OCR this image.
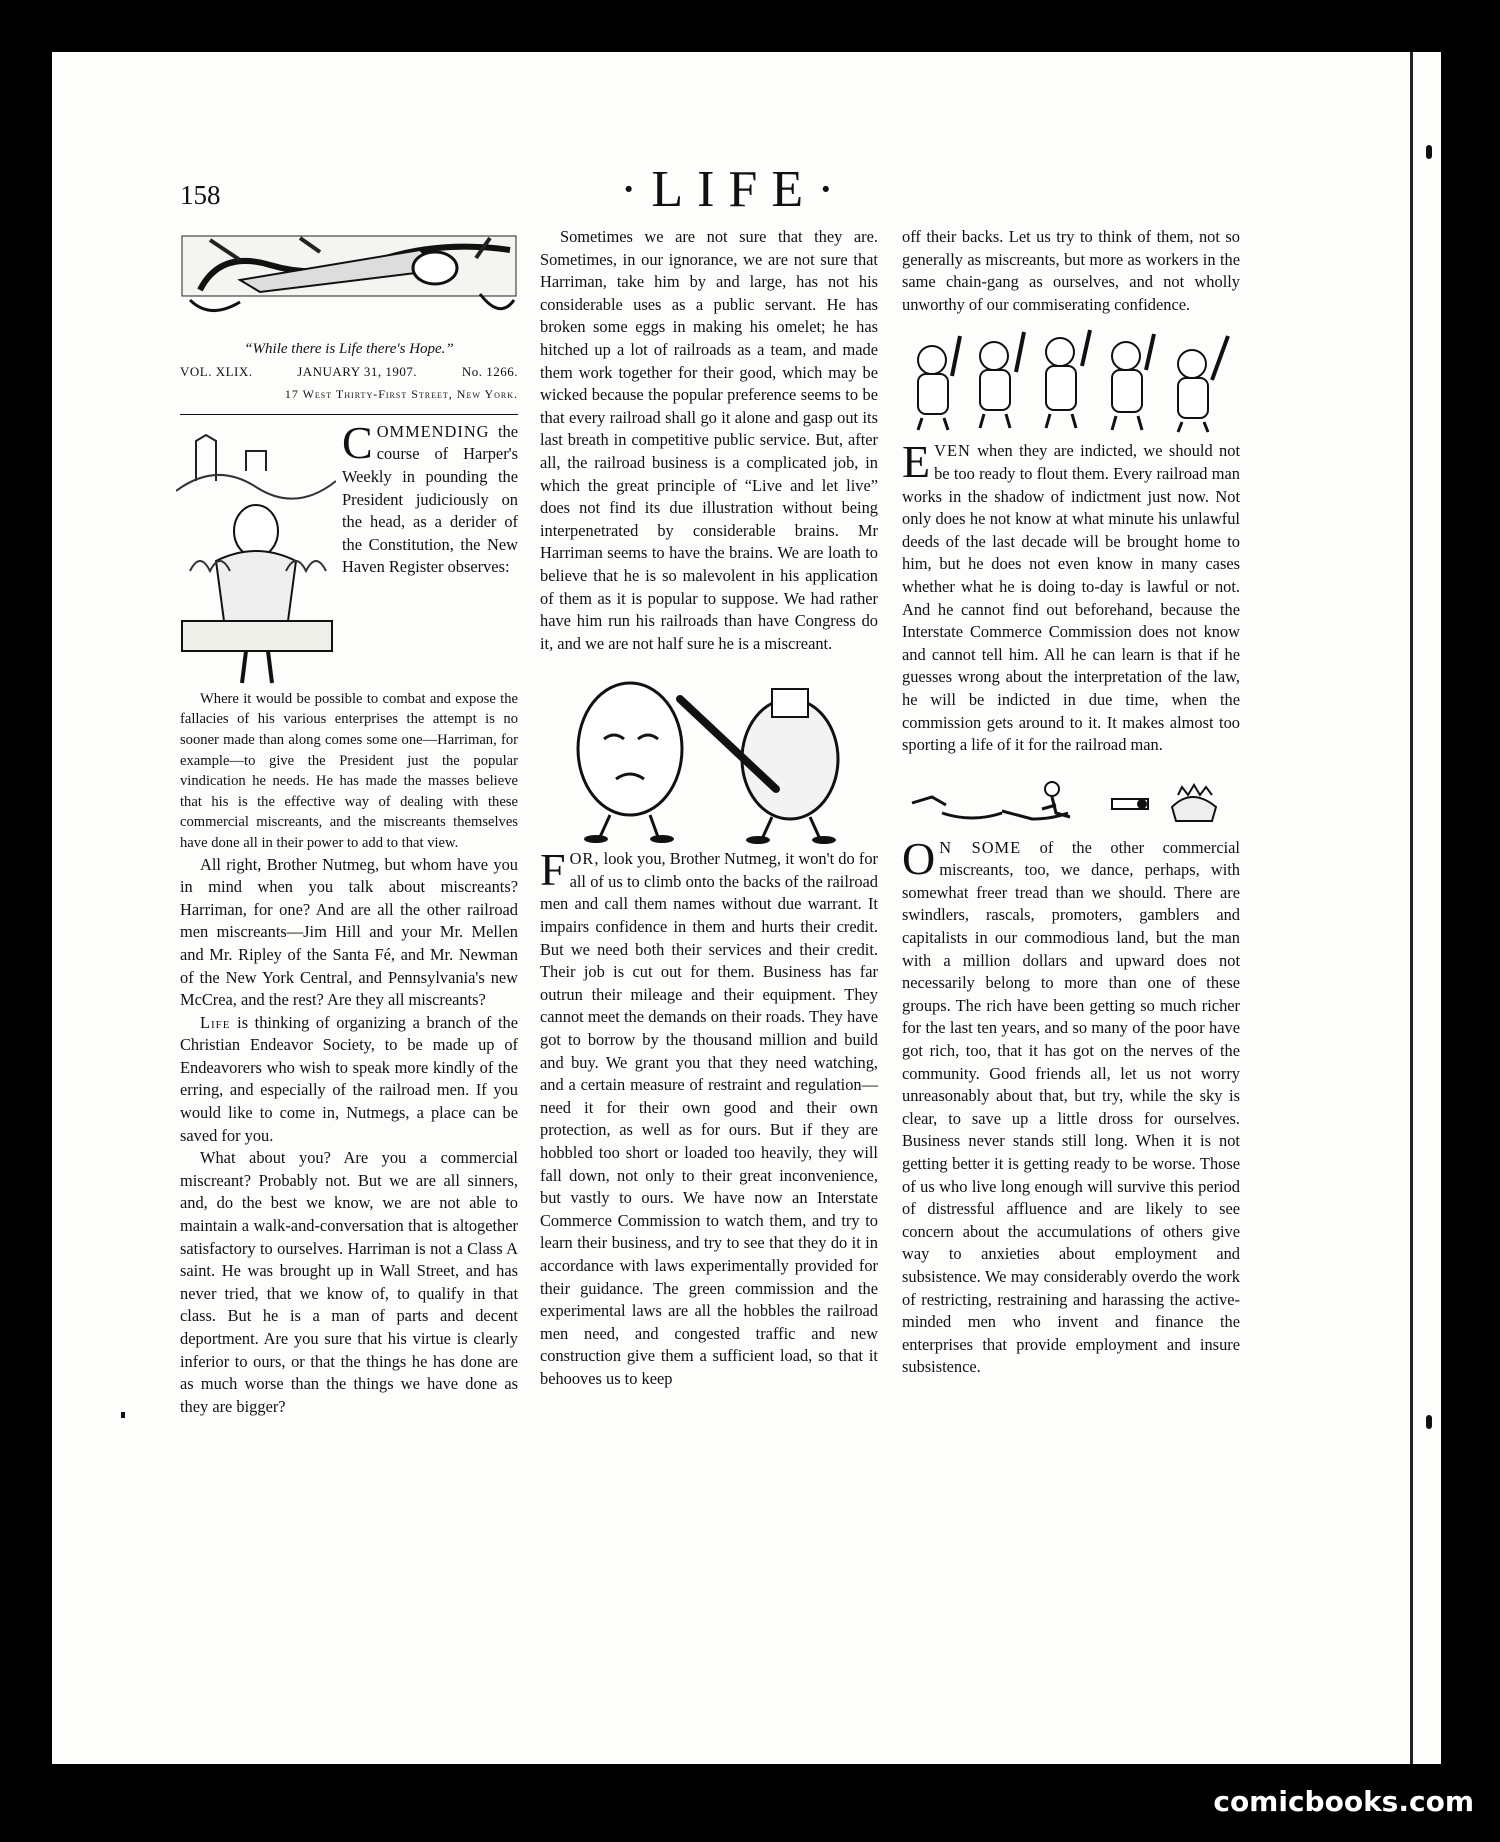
158	·LIFE·
“While there is Life there's Hope.”
VOL. XLIX.	JANUARY 31, 1907.	No. 1266.
17 West Thirty-First Street, New York.

COMMENDING the course of Harper's Weekly in pounding the President judiciously on the head, as a derider of the Constitution, the New Haven Register observes:

Where it would be possible to combat and expose the fallacies of his various enterprises the attempt is no sooner made than along comes some one—Harriman, for example—to give the President just the popular vindication he needs. He has made the masses believe that his is the effective way of dealing with these commercial miscreants, and the miscreants themselves have done all in their power to add to that view.

All right, Brother Nutmeg, but whom have you in mind when you talk about miscreants? Harriman, for one? And are all the other railroad men miscreants—Jim Hill and your Mr. Mellen and Mr. Ripley of the Santa Fé, and Mr. Newman of the New York Central, and Pennsylvania's new McCrea, and the rest? Are they all miscreants?

Life is thinking of organizing a branch of the Christian Endeavor Society, to be made up of Endeavorers who wish to speak more kindly of the erring, and especially of the railroad men. If you would like to come in, Nutmegs, a place can be saved for you.

What about you? Are you a commercial miscreant? Probably not. But we are all sinners, and, do the best we know, we are not able to maintain a walk-and-conversation that is altogether satisfactory to ourselves. Harriman is not a Class A saint. He was brought up in Wall Street, and has never tried, that we know of, to qualify in that class. But he is a man of parts and decent deportment. Are you sure that his virtue is clearly inferior to ours, or that the things he has done are as much worse than the things we have done as they are bigger?

Sometimes we are not sure that they are. Sometimes, in our ignorance, we are not sure that Harriman, take him by and large, has not his considerable uses as a public servant. He has broken some eggs in making his omelet; he has hitched up a lot of railroads as a team, and made them work together for their good, which may be wicked because the popular preference seems to be that every railroad shall go it alone and gasp out its last breath in competitive public service. But, after all, the railroad business is a complicated job, in which the great principle of “Live and let live” does not find its due illustration without being interpenetrated by considerable brains. Mr Harriman seems to have the brains. We are loath to believe that he is so malevolent in his application of them as it is popular to suppose. We had rather have him run his railroads than have Congress do it, and we are not half sure he is a miscreant.

FOR, look you, Brother Nutmeg, it won't do for all of us to climb onto the backs of the railroad men and call them names without due warrant. It impairs confidence in them and hurts their credit. But we need both their services and their credit. Their job is cut out for them. Business has far outrun their mileage and their equipment. They cannot meet the demands on their roads. They have got to borrow by the thousand million and build and buy. We grant you that they need watching, and a certain measure of restraint and regulation—need it for their own good and their own protection, as well as for ours. But if they are hobbled too short or loaded too heavily, they will fall down, not only to their great inconvenience, but vastly to ours. We have now an Interstate Commerce Commission to watch them, and try to learn their business, and try to see that they do it in accordance with laws experimentally provided for their guidance. The green commission and the experimental laws are all the hobbles the railroad men need, and congested traffic and new construction give them a sufficient load, so that it behooves us to keep

off their backs. Let us try to think of them, not so generally as miscreants, but more as workers in the same chain-gang as ourselves, and not wholly unworthy of our commiserating confidence.

EVEN when they are indicted, we should not be too ready to flout them. Every railroad man works in the shadow of indictment just now. Not only does he not know at what minute his unlawful deeds of the last decade will be brought home to him, but he does not even know in many cases whether what he is doing to-day is lawful or not. And he cannot find out beforehand, because the Interstate Commerce Commission does not know and cannot tell him. All he can learn is that if he guesses wrong about the interpretation of the law, he will be indicted in due time, when the commission gets around to it. It makes almost too sporting a life of it for the railroad man.

O N SOME of the other commercial miscreants, too, we dance, perhaps, with somewhat freer tread than we should. There are swindlers, rascals, promoters, gamblers and capitalists in our commodious land, but the man with a million dollars and upward does not necessarily belong to more than one of these groups. The rich have been getting so much richer for the last ten years, and so many of the poor have got rich, too, that it has got on the nerves of the community. Good friends all, let us not worry unreasonably about that, but try, while the sky is clear, to save up a little dross for ourselves. Business never stands still long. When it is not getting better it is getting ready to be worse. Those of us who live long enough will survive this period of distressful affluence and are likely to see concern about the accumulations of others give way to anxieties about employment and subsistence. We may considerably overdo the work of restricting, restraining and harassing the active-minded men who invent and finance the enterprises that provide employment and insure subsistence.

comicbooks.com
